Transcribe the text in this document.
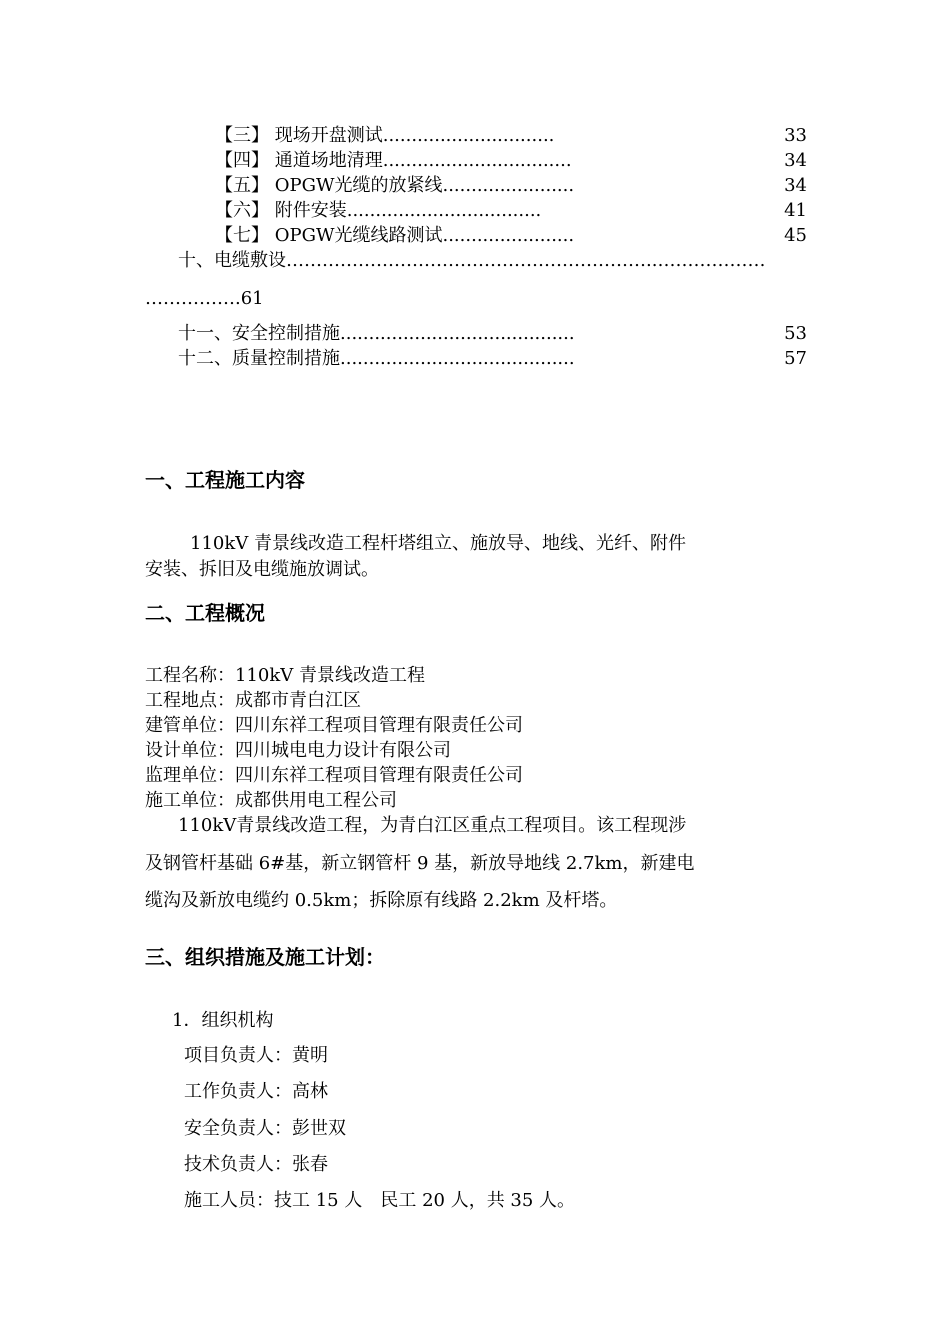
【三】 现场开盘测试..............................	33
【四】 通道场地清理.................................	34
【五】 OPGW光缆的放紧线.......................	34
【六】 附件安装..................................	41
【七】 OPGW光缆线路测试.......................	45
十、电缆敷设……………………………………………………..………………
…………….61
十一、安全控制措施.........................................	53
十二、质量控制措施.........................................	57
一、工程施工内容
110kV 青景线改造工程杆塔组立、施放导、地线、光纤、附件
安装、拆旧及电缆施放调试。
二、工程概况
工程名称：110kV 青景线改造工程
工程地点：成都市青白江区
建管单位：四川东祥工程项目管理有限责任公司
设计单位：四川城电电力设计有限公司
监理单位：四川东祥工程项目管理有限责任公司
施工单位：成都供用电工程公司
110kV青景线改造工程，为青白江区重点工程项目。该工程现涉
及钢管杆基础 6#基，新立钢管杆 9 基，新放导地线 2.7km，新建电
缆沟及新放电缆约 0.5km；拆除原有线路 2.2km 及杆塔。
三、组织措施及施工计划：
1．组织机构
项目负责人：黄明
工作负责人：高林
安全负责人：彭世双
技术负责人：张春
施工人员：技工 15 人　民工 20 人，共 35 人。
